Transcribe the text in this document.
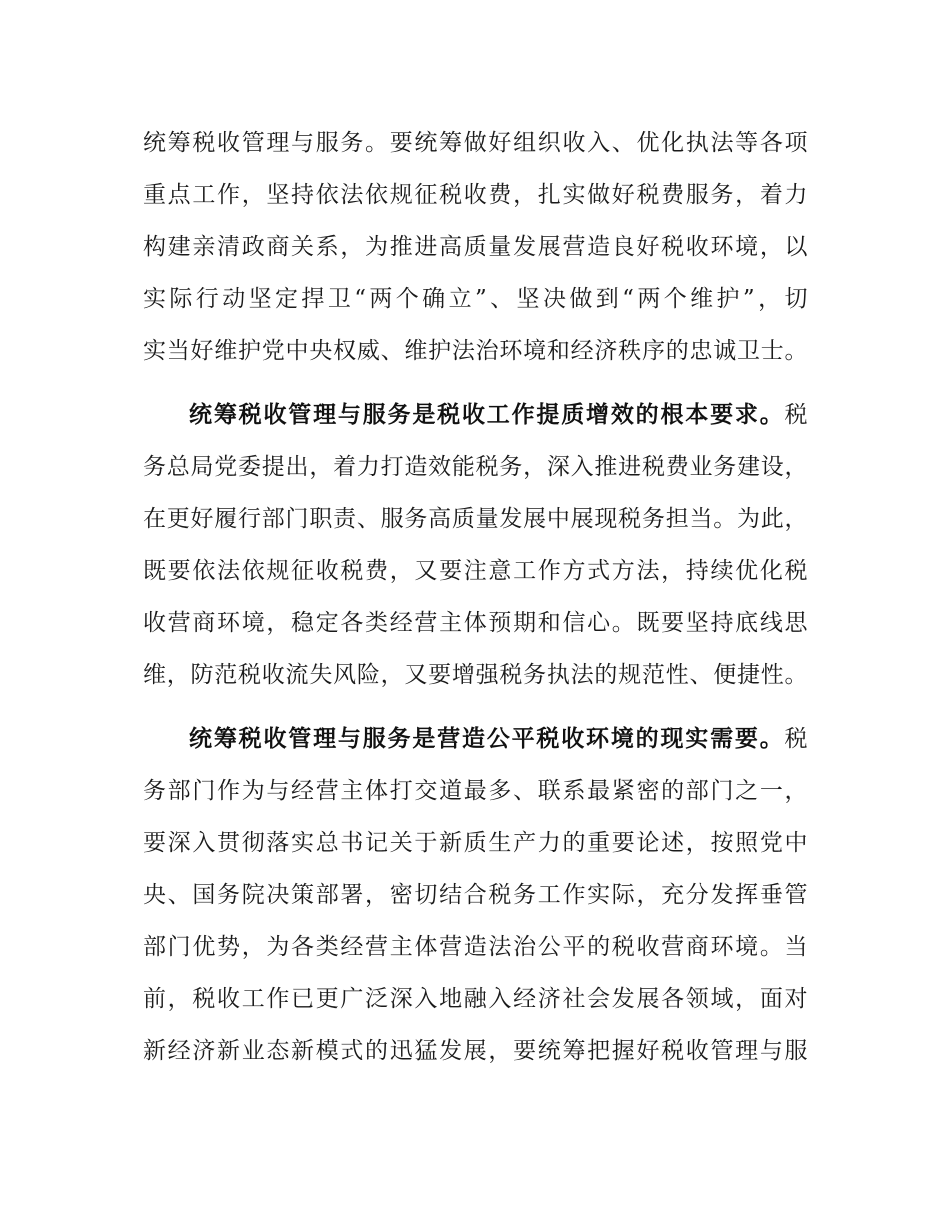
统筹税收管理与服务。要统筹做好组织收入、优化执法等各项
重点工作，坚持依法依规征税收费，扎实做好税费服务，着力
构建亲清政商关系，为推进高质量发展营造良好税收环境，以
实际行动坚定捍卫“两个确立”、坚决做到“两个维护”，切
实当好维护党中央权威、维护法治环境和经济秩序的忠诚卫士。

统筹税收管理与服务是税收工作提质增效的根本要求。税
务总局党委提出，着力打造效能税务，深入推进税费业务建设，
在更好履行部门职责、服务高质量发展中展现税务担当。为此，
既要依法依规征收税费，又要注意工作方式方法，持续优化税
收营商环境，稳定各类经营主体预期和信心。既要坚持底线思
维，防范税收流失风险，又要增强税务执法的规范性、便捷性。

统筹税收管理与服务是营造公平税收环境的现实需要。税
务部门作为与经营主体打交道最多、联系最紧密的部门之一，
要深入贯彻落实总书记关于新质生产力的重要论述，按照党中
央、国务院决策部署，密切结合税务工作实际，充分发挥垂管
部门优势，为各类经营主体营造法治公平的税收营商环境。当
前，税收工作已更广泛深入地融入经济社会发展各领域，面对
新经济新业态新模式的迅猛发展，要统筹把握好税收管理与服
